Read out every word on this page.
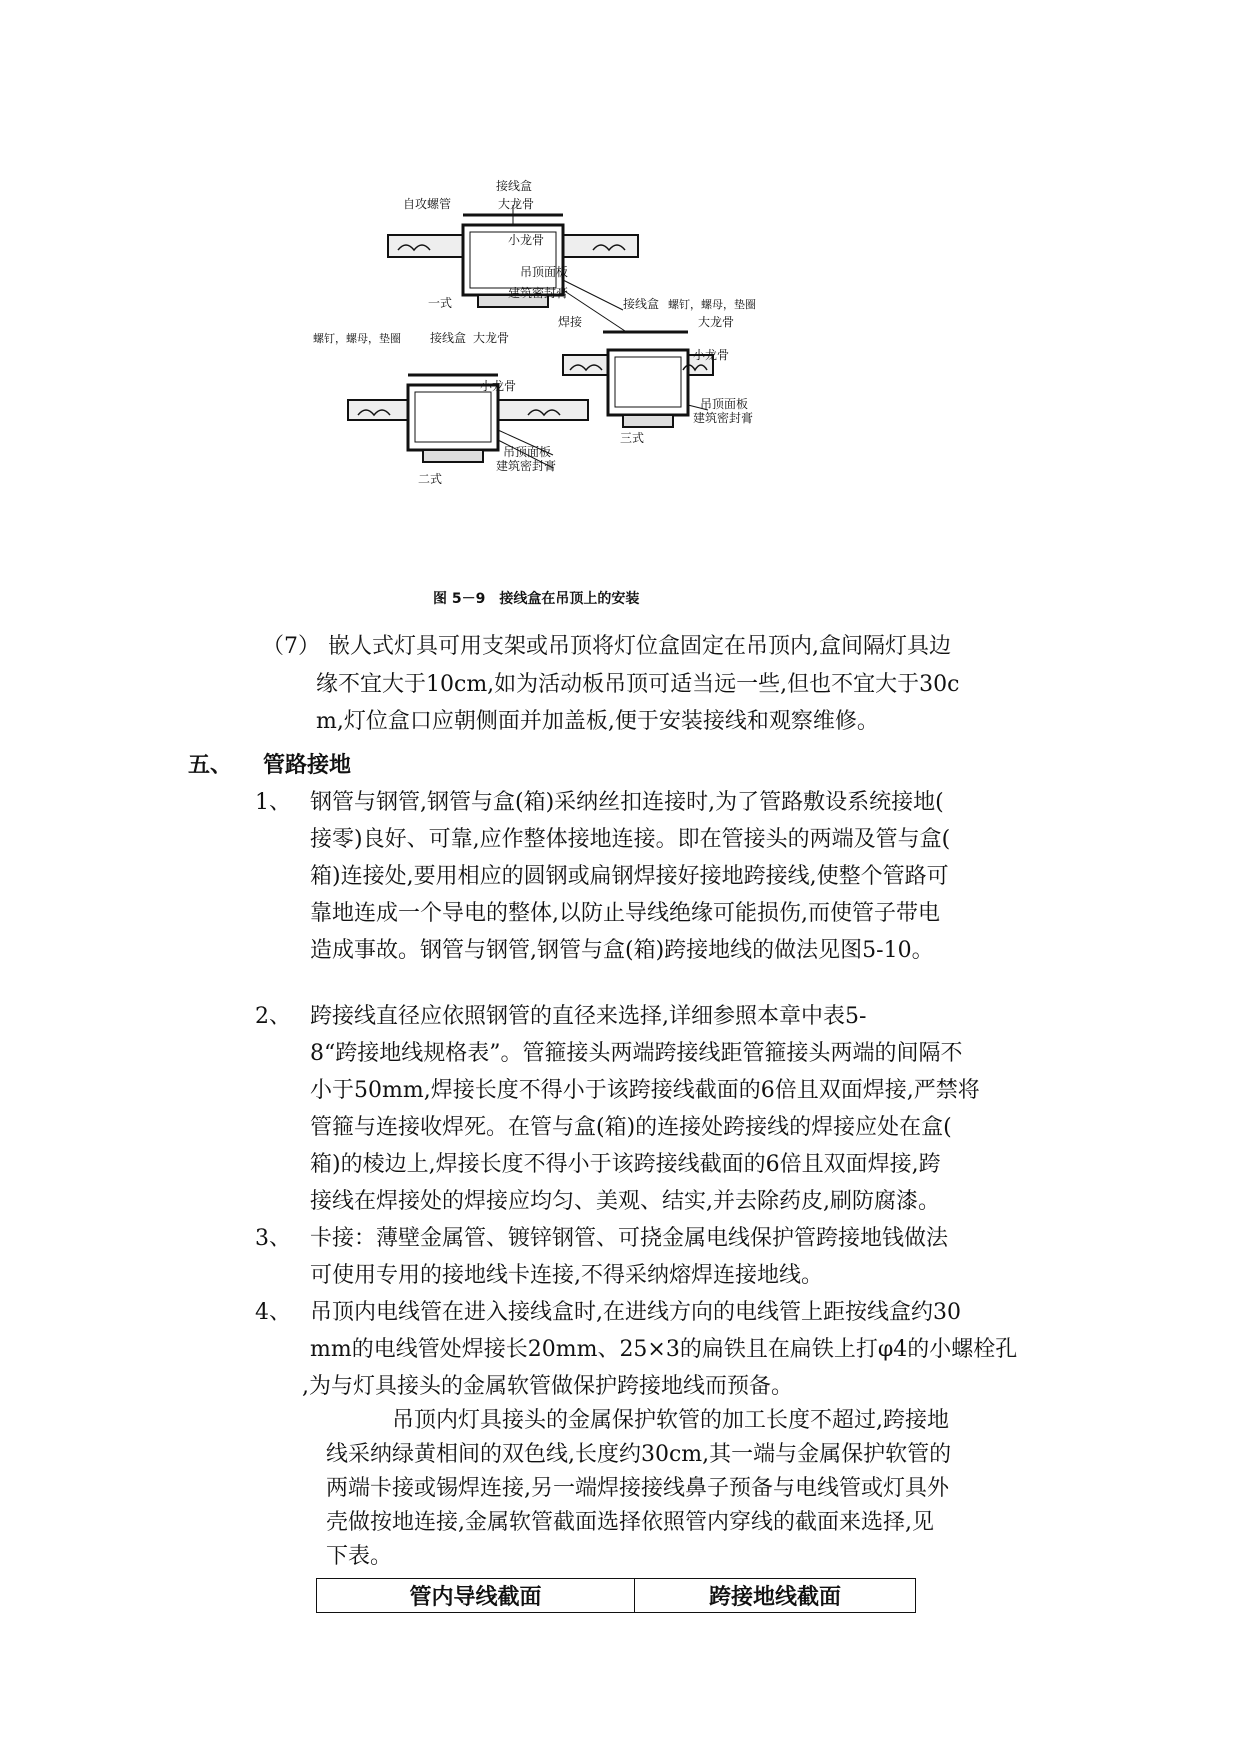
自攻螺管
接线盒
大龙骨
小龙骨
吊顶面板
建筑密封膏
一式
螺钉，螺母，垫圈 接线盒 大龙骨
小龙骨
吊顶面板
建筑密封膏
二式
焊接
接线盒 螺钉，螺母，垫圈
大龙骨
小龙骨
吊顶面板
建筑密封膏
三式
图 5－9　接线盒在吊顶上的安装
（7） 嵌人式灯具可用支架或吊顶将灯位盒固定在吊顶内,盒间隔灯具边
缘不宜大于10cm,如为活动板吊顶可适当远一些,但也不宜大于30c
m,灯位盒口应朝侧面并加盖板,便于安装接线和观察维修。
五、 管路接地
1、 钢管与钢管,钢管与盒(箱)采纳丝扣连接时,为了管路敷设系统接地(
接零)良好、可靠,应作整体接地连接。即在管接头的两端及管与盒(
箱)连接处,要用相应的圆钢或扁钢焊接好接地跨接线,使整个管路可
靠地连成一个导电的整体,以防止导线绝缘可能损伤,而使管子带电
造成事故。钢管与钢管,钢管与盒(箱)跨接地线的做法见图5-10。
2、 跨接线直径应依照钢管的直径来选择,详细参照本章中表5-
8“跨接地线规格表”。管箍接头两端跨接线距管箍接头两端的间隔不
小于50mm,焊接长度不得小于该跨接线截面的6倍且双面焊接,严禁将
管箍与连接收焊死。在管与盒(箱)的连接处跨接线的焊接应处在盒(
箱)的棱边上,焊接长度不得小于该跨接线截面的6倍且双面焊接,跨
接线在焊接处的焊接应均匀、美观、结实,并去除药皮,刷防腐漆。
3、 卡接：薄壁金属管、镀锌钢管、可挠金属电线保护管跨接地钱做法
可使用专用的接地线卡连接,不得采纳熔焊连接地线。
4、 吊顶内电线管在进入接线盒时,在进线方向的电线管上距按线盒约30
mm的电线管处焊接长20mm、25×3的扁铁且在扁铁上打φ4的小螺栓孔
,为与灯具接头的金属软管做保护跨接地线而预备。
吊顶内灯具接头的金属保护软管的加工长度不超过,跨接地
线采纳绿黄相间的双色线,长度约30cm,其一端与金属保护软管的
两端卡接或锡焊连接,另一端焊接接线鼻子预备与电线管或灯具外
壳做按地连接,金属软管截面选择依照管内穿线的截面来选择,见
下表。
管内导线截面	跨接地线截面
